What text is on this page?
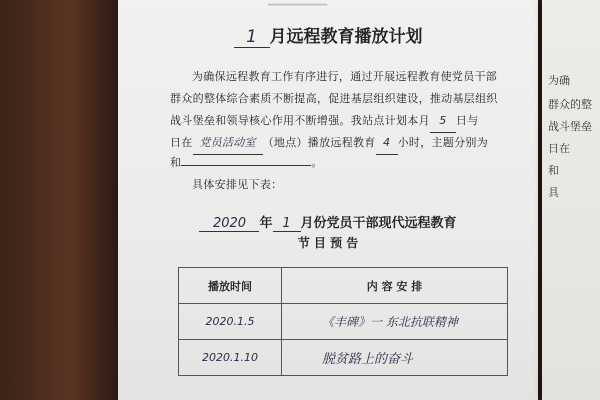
▔▔▔▔▔▔▔
1 月远程教育播放计划
为确保远程教育工作有序进行，通过开展远程教育使党员干部
群众的整体综合素质不断提高，促进基层组织建设，推动基层组织
战斗堡垒和领导核心作用不断增强。我站点计划本月 5 日与
日在 党员活动室 （地点）播放远程教育 4 小时，主题分别为
和	。
具体安排见下表：
2020 年 1 月份党员干部现代远程教育
节 目 预 告
播放时间	内 容 安 排
2020.1.5	《丰碑》一 东北抗联精神
2020.1.10	脱贫路上的奋斗
为确
群众的整
战斗堡垒
日在
和
具
